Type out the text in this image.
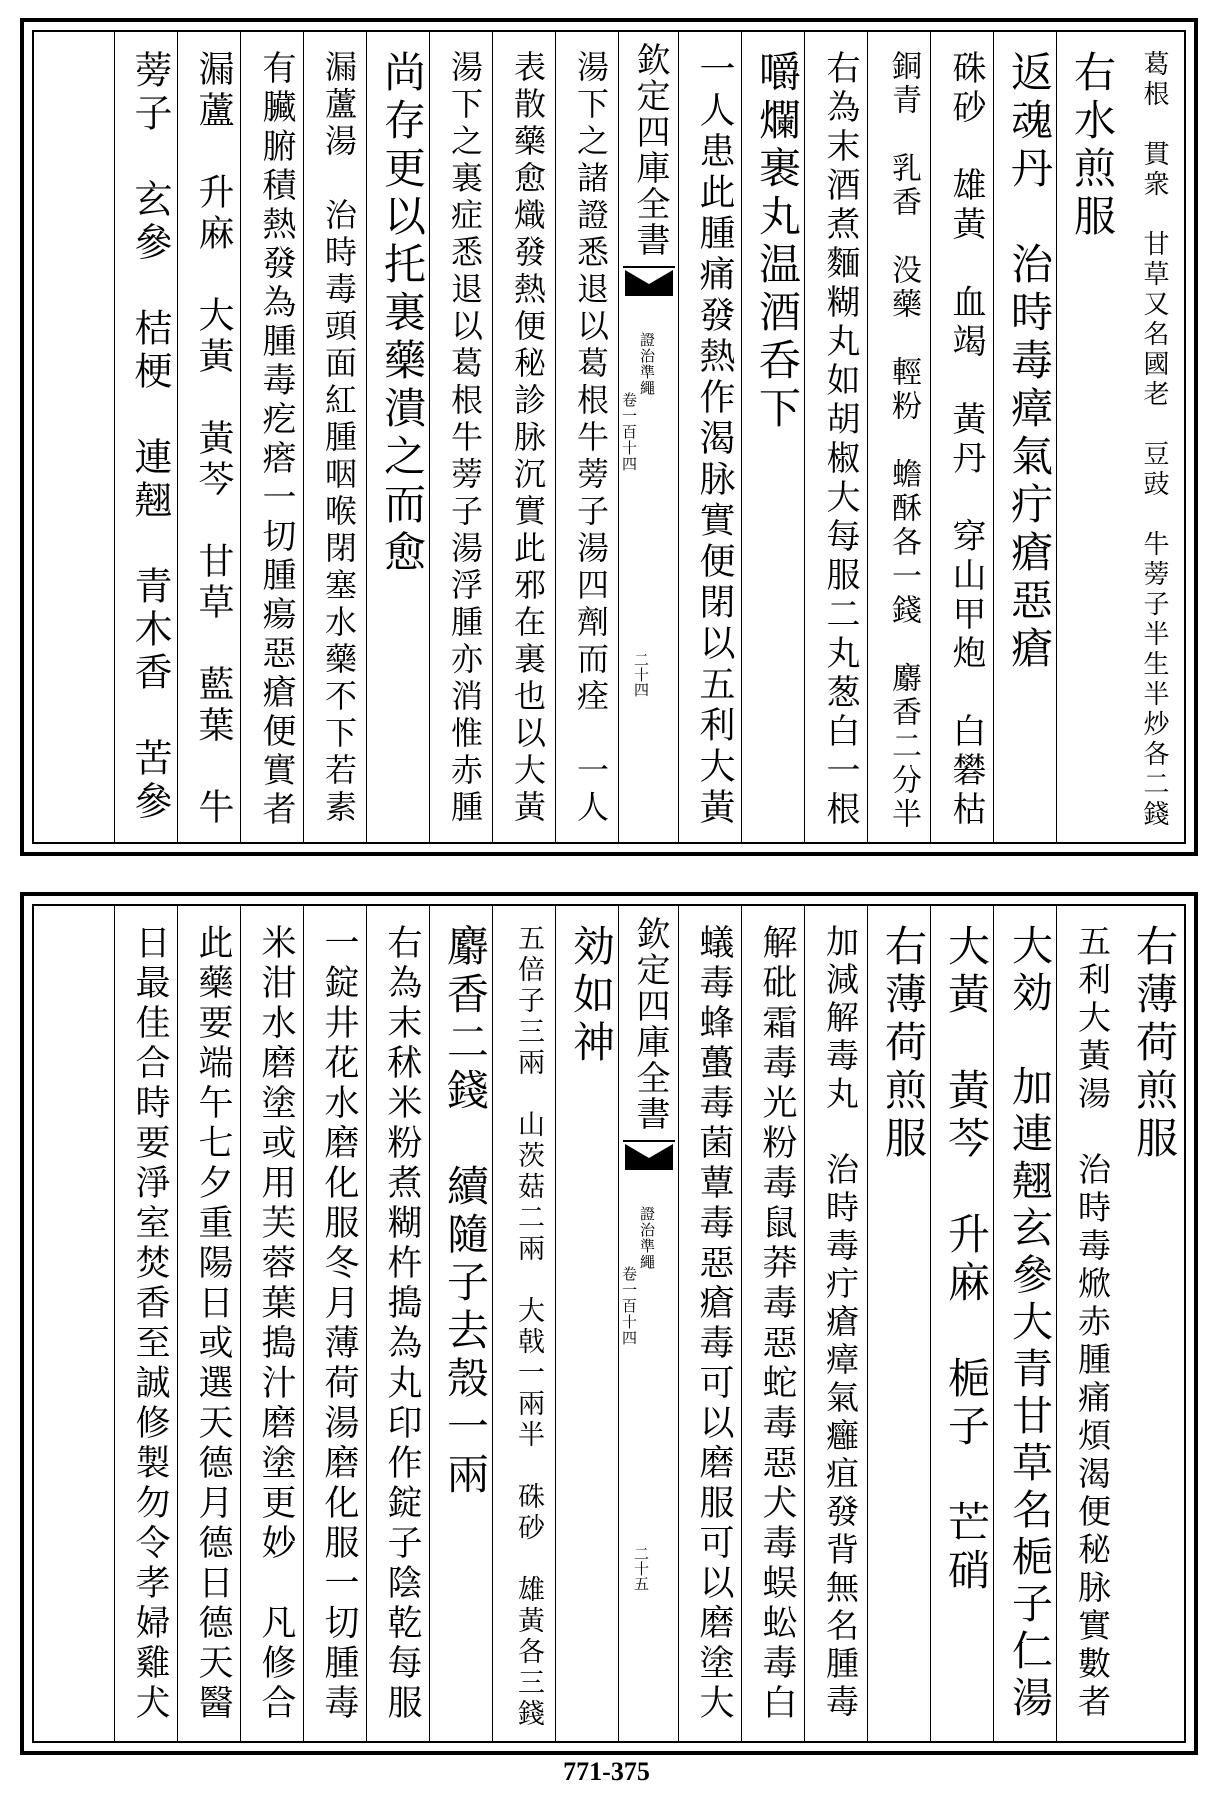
葛根　貫衆　甘草又名國老　豆豉　牛蒡子半生半炒各二錢
右水煎服
返魂丹　治時毒瘴氣疔瘡惡瘡
硃砂　雄黃　血竭　黃丹　穿山甲炮　白礬枯
銅青　乳香　没藥　輕粉　蟾酥各一錢　麝香二分半
右為末酒煮麵糊丸如胡椒大每服二丸葱白一根
嚼爛裹丸温酒呑下
一人患此腫痛發熱作渴脉實便閉以五利大黃
欽定四庫全書
證治準繩
卷一百十四
二十四
湯下之諸證悉退以葛根牛蒡子湯四劑而痊　一人
表散藥愈熾發熱便秘診脉沉實此邪在裏也以大黃
湯下之裏症悉退以葛根牛蒡子湯浮腫亦消惟赤腫
尚存更以托裏藥潰之而愈
漏蘆湯　治時毒頭面紅腫咽喉閉塞水藥不下若素
有臟腑積熱發為腫毒疙瘩一切腫瘍惡瘡便實者
漏蘆　升麻　大黃　黃芩　甘草　藍葉　牛
蒡子　玄參　桔梗　連翹　青木香　苦參
右薄荷煎服
五利大黃湯　治時毒焮赤腫痛煩渴便秘脉實數者
大効　加連翹玄參大青甘草名梔子仁湯
大黃　黃芩　升麻　梔子　芒硝
右薄荷煎服
加減解毒丸　治時毒疔瘡瘴氣癰疽發背無名腫毒
解砒霜毒光粉毒鼠莽毒惡蛇毒惡犬毒蜈蚣毒白
蟻毒蜂蠆毒菌蕈毒惡瘡毒可以磨服可以磨塗大
欽定四庫全書
證治準繩
卷一百十四
二十五
効如神
五倍子三兩　山茨菇二兩　大戟一兩半　硃砂　雄黃各三錢
麝香二錢　續隨子去殼一兩
右為末秫米粉煮糊杵搗為丸印作錠子陰乾每服
一錠井花水磨化服冬月薄荷湯磨化服一切腫毒
米泔水磨塗或用芙蓉葉搗汁磨塗更妙　凡修合
此藥要端午七夕重陽日或選天德月德日德天醫
日最佳合時要淨室焚香至誠修製勿令孝婦雞犬
771-375
